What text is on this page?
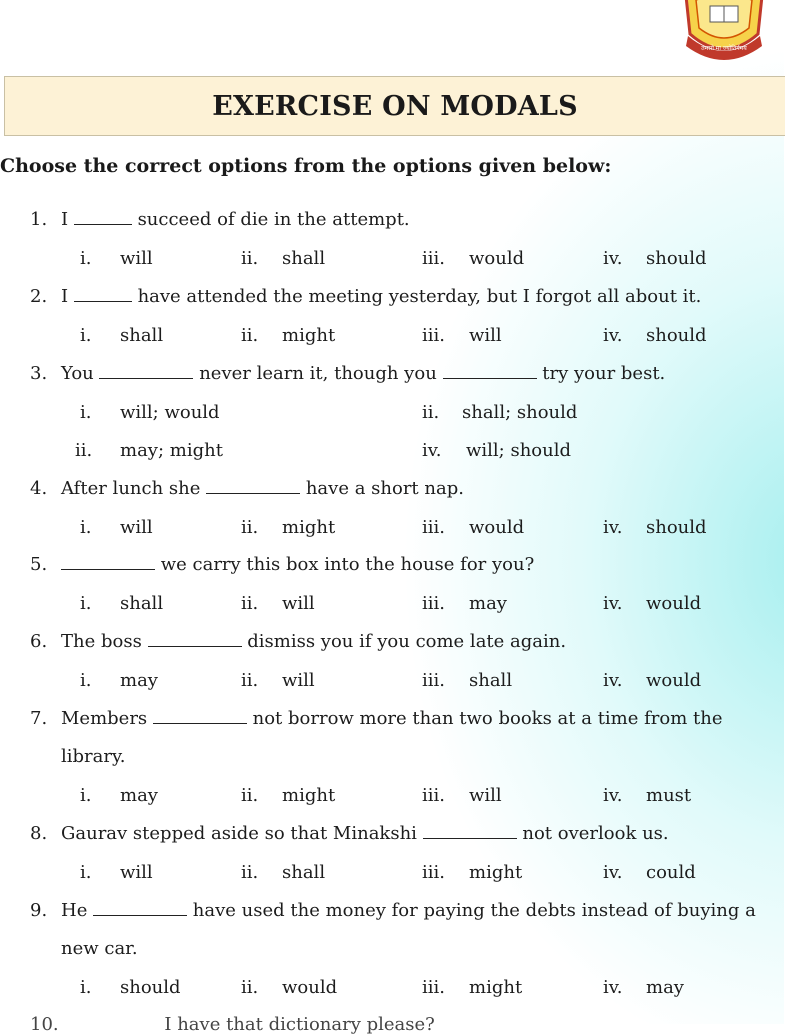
तमसो मा ज्योतिर्गमय
EXERCISE ON MODALS
Choose the correct options from the options given below:
1. I	succeed of die in the attempt.
i. will	ii. shall	iii. would	iv. should
2. I	have attended the meeting yesterday, but I forgot all about it.
i. shall	ii. might	iii. will	iv. should
3. You	never learn it, though you	try your best.
i. will; would	ii. shall; should
ii. may; might	iv. will; should
4. After lunch she	have a short nap.
i. will	ii. might	iii. would	iv. should
5.	we carry this box into the house for you?
i. shall	ii. will	iii. may	iv. would
6. The boss	dismiss you if you come late again.
i. may	ii. will	iii. shall	iv. would
7. Members	not borrow more than two books at a time from the
library.
i. may	ii. might	iii. will	iv. must
8. Gaurav stepped aside so that Minakshi	not overlook us.
i. will	ii. shall	iii. might	iv. could
9. He	have used the money for paying the debts instead of buying a
new car.
i. should	ii. would	iii. might	iv. may
10.	I have that dictionary please?
